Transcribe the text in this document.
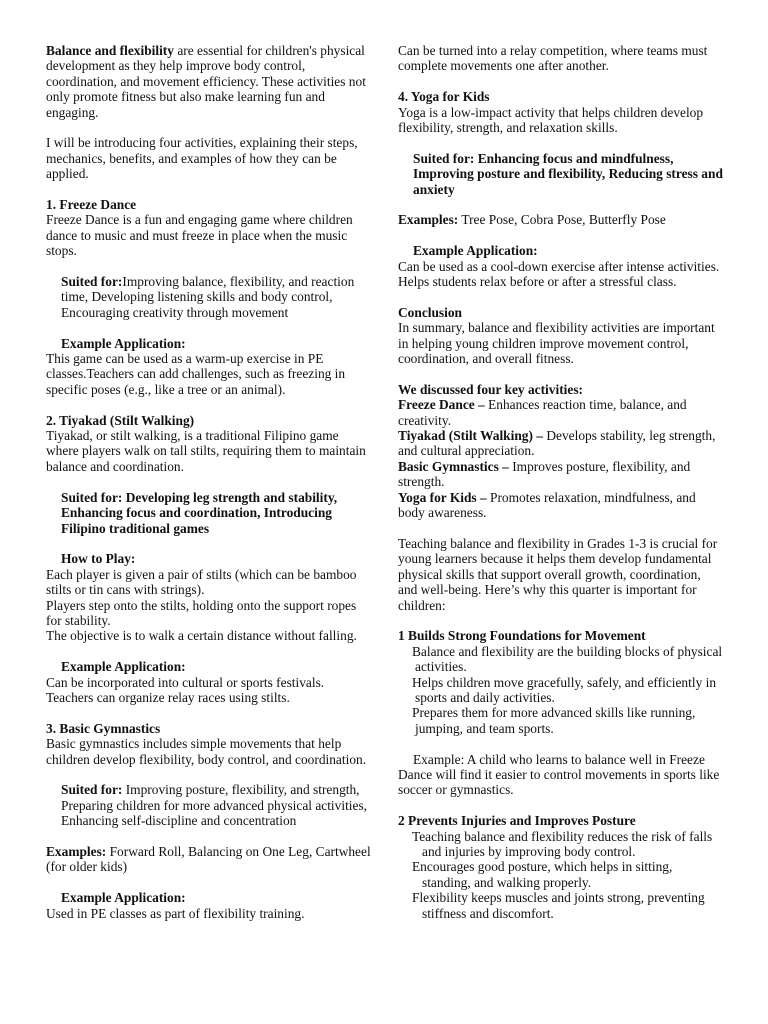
Balance and flexibility are essential for children's physical development as they help improve body control, coordination, and movement efficiency. These activities not only promote fitness but also make learning fun and engaging.

I will be introducing four activities, explaining their steps, mechanics, benefits, and examples of how they can be applied.

1. Freeze Dance

Freeze Dance is a fun and engaging game where children dance to music and must freeze in place when the music stops.

Suited for:Improving balance, flexibility, and reaction time, Developing listening skills and body control, Encouraging creativity through movement

Example Application:

This game can be used as a warm-up exercise in PE classes.Teachers can add challenges, such as freezing in specific poses (e.g., like a tree or an animal).

2. Tiyakad (Stilt Walking)

Tiyakad, or stilt walking, is a traditional Filipino game where players walk on tall stilts, requiring them to maintain balance and coordination.

Suited for: Developing leg strength and stability, Enhancing focus and coordination, Introducing Filipino traditional games

How to Play:

Each player is given a pair of stilts (which can be bamboo stilts or tin cans with strings).

Players step onto the stilts, holding onto the support ropes for stability.

The objective is to walk a certain distance without falling.

Example Application:

Can be incorporated into cultural or sports festivals.

Teachers can organize relay races using stilts.

3. Basic Gymnastics

Basic gymnastics includes simple movements that help children develop flexibility, body control, and coordination.

Suited for: Improving posture, flexibility, and strength, Preparing children for more advanced physical activities, Enhancing self-discipline and concentration

Examples: Forward Roll, Balancing on One Leg, Cartwheel (for older kids)

Example Application:

Used in PE classes as part of flexibility training.

Can be turned into a relay competition, where teams must complete movements one after another.

4. Yoga for Kids

Yoga is a low-impact activity that helps children develop flexibility, strength, and relaxation skills.

Suited for: Enhancing focus and mindfulness, Improving posture and flexibility, Reducing stress and anxiety

Examples: Tree Pose, Cobra Pose, Butterfly Pose

Example Application:

Can be used as a cool-down exercise after intense activities. Helps students relax before or after a stressful class.

Conclusion

In summary, balance and flexibility activities are important in helping young children improve movement control, coordination, and overall fitness.

We discussed four key activities:

Freeze Dance – Enhances reaction time, balance, and creativity.

Tiyakad (Stilt Walking) – Develops stability, leg strength, and cultural appreciation.

Basic Gymnastics – Improves posture, flexibility, and strength.

Yoga for Kids – Promotes relaxation, mindfulness, and body awareness.

Teaching balance and flexibility in Grades 1-3 is crucial for young learners because it helps them develop fundamental physical skills that support overall growth, coordination, and well-being. Here’s why this quarter is important for children:

1 Builds Strong Foundations for Movement

Balance and flexibility are the building blocks of physical activities.

Helps children move gracefully, safely, and efficiently in sports and daily activities.

Prepares them for more advanced skills like running, jumping, and team sports.

Example: A child who learns to balance well in Freeze Dance will find it easier to control movements in sports like soccer or gymnastics.

2 Prevents Injuries and Improves Posture

Teaching balance and flexibility reduces the risk of falls and injuries by improving body control.

Encourages good posture, which helps in sitting, standing, and walking properly.

Flexibility keeps muscles and joints strong, preventing stiffness and discomfort.
